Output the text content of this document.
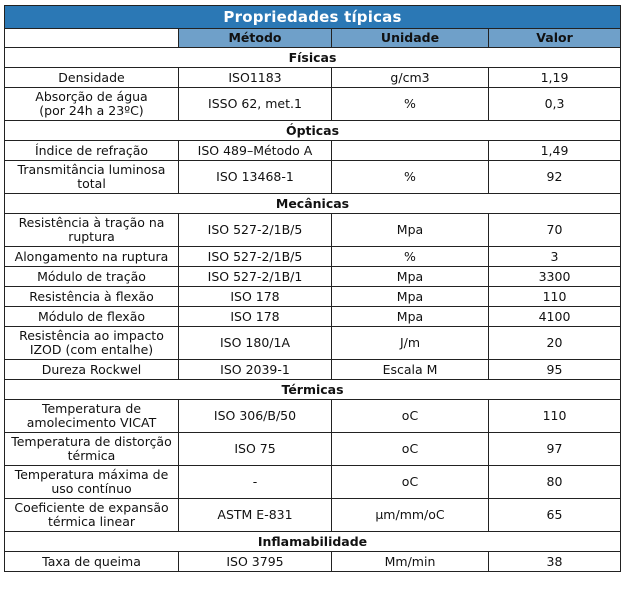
Propriedades típicas			
	Método	Unidade	Valor
Físicas			
Densidade	ISO1183	g/cm3	1,19
Absorção de água
(por 24h a 23ºC)	ISSO 62, met.1	%	0,3
Ópticas			
Índice de refração	ISO 489–Método A		1,49
Transmitância luminosa
total	ISO 13468-1	%	92
Mecânicas			
Resistência à tração na
ruptura	ISO 527-2/1B/5	Mpa	70
Alongamento na ruptura	ISO 527-2/1B/5	%	3
Módulo de tração	ISO 527-2/1B/1	Mpa	3300
Resistência à flexão	ISO 178	Mpa	110
Módulo de flexão	ISO 178	Mpa	4100
Resistência ao impacto
IZOD (com entalhe)	ISO 180/1A	J/m	20
Dureza Rockwel	ISO 2039-1	Escala M	95
Térmicas			
Temperatura de
amolecimento VICAT	ISO 306/B/50	oC	110
Temperatura de distorção
térmica	ISO 75	oC	97
Temperatura máxima de
uso contínuo	-	oC	80
Coeficiente de expansão
térmica linear	ASTM E-831	µm/mm/oC	65
Inflamabilidade			
Taxa de queima	ISO 3795	Mm/min	38
